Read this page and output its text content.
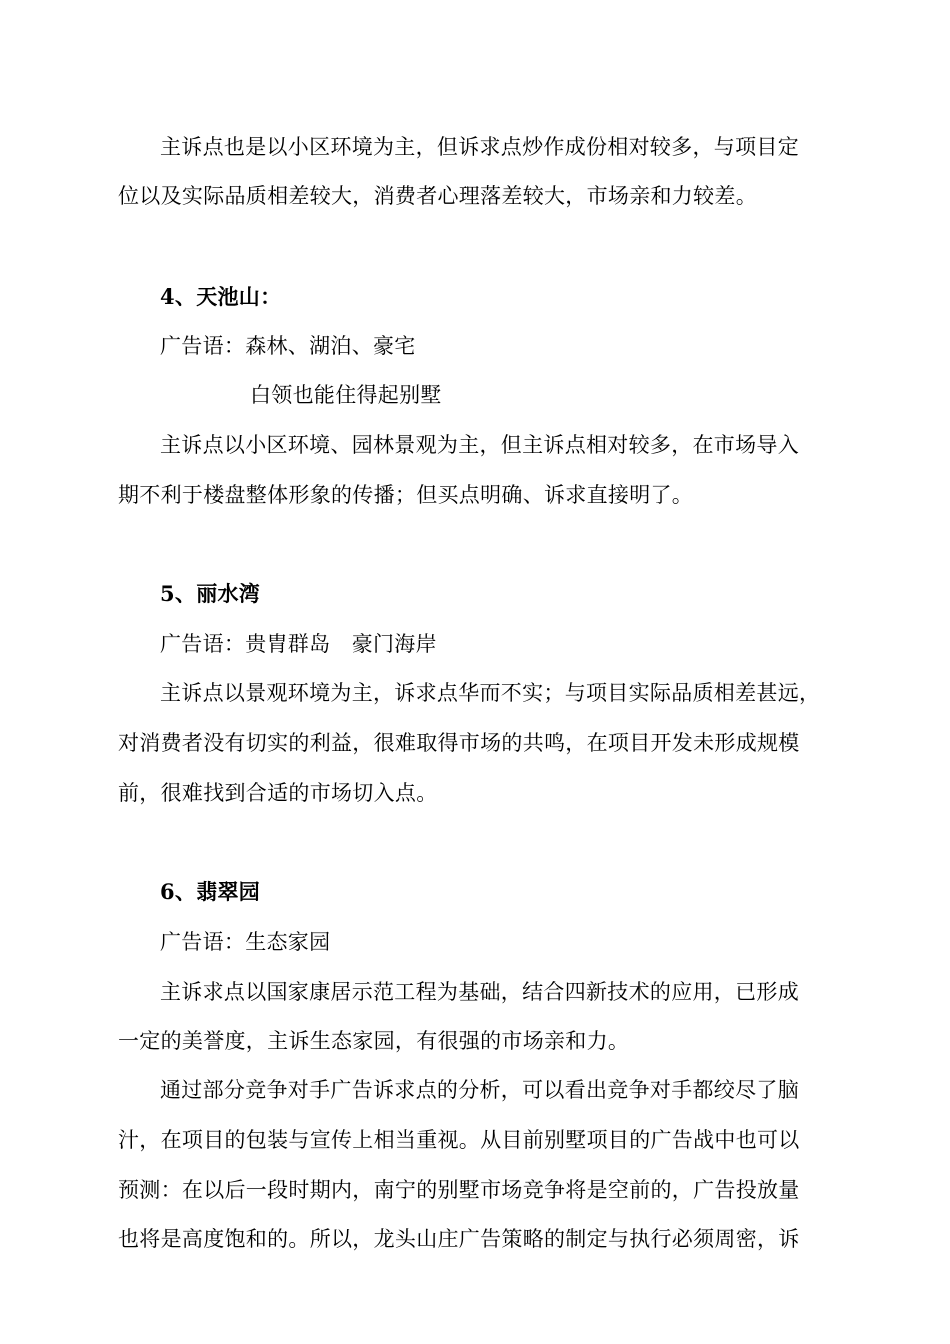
主诉点也是以小区环境为主，但诉求点炒作成份相对较多，与项目定
位以及实际品质相差较大，消费者心理落差较大，市场亲和力较差。
4、天池山：
广告语：森林、湖泊、豪宅
白领也能住得起别墅
主诉点以小区环境、园林景观为主，但主诉点相对较多，在市场导入
期不利于楼盘整体形象的传播；但买点明确、诉求直接明了。
5、丽水湾
广告语：贵胄群岛　豪门海岸
主诉点以景观环境为主，诉求点华而不实；与项目实际品质相差甚远，
对消费者没有切实的利益，很难取得市场的共鸣，在项目开发未形成规模
前，很难找到合适的市场切入点。
6、翡翠园
广告语：生态家园
主诉求点以国家康居示范工程为基础，结合四新技术的应用，已形成
一定的美誉度，主诉生态家园，有很强的市场亲和力。
通过部分竞争对手广告诉求点的分析，可以看出竞争对手都绞尽了脑
汁，在项目的包装与宣传上相当重视。从目前别墅项目的广告战中也可以
预测：在以后一段时期内，南宁的别墅市场竞争将是空前的，广告投放量
也将是高度饱和的。所以，龙头山庄广告策略的制定与执行必须周密，诉
